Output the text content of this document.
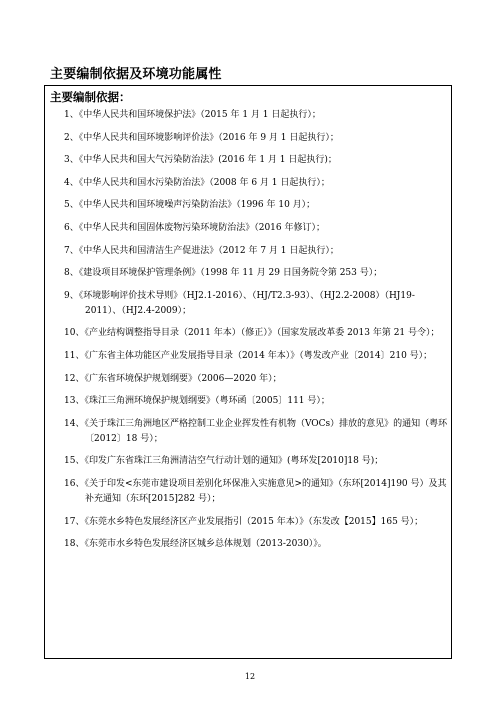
主要编制依据及环境功能属性
主要编制依据：
1、《中华人民共和国环境保护法》（2015 年 1 月 1 日起执行）；
2、《中华人民共和国环境影响评价法》（2016 年 9 月 1 日起执行）；
3、《中华人民共和国大气污染防治法》(2016 年 1 月 1 日起执行)；
4、《中华人民共和国水污染防治法》（2008 年 6 月 1 日起执行）；
5、《中华人民共和国环境噪声污染防治法》（1996 年 10 月）；
6、《中华人民共和国固体废物污染环境防治法》（2016 年修订）；
7、《中华人民共和国清洁生产促进法》（2012 年 7 月 1 日起执行）；
8、《建设项目环境保护管理条例》（1998 年 11 月 29 日国务院令第 253 号）；
9、《环境影响评价技术导则》（HJ2.1-2016）、（HJ/T2.3-93）、（HJ2.2-2008）（HJ19-2011）、（HJ2.4-2009）；
10、《产业结构调整指导目录（2011 年本）（修正）》（国家发展改革委 2013 年第 21 号令）；
11、《广东省主体功能区产业发展指导目录（2014 年本）》（粤发改产业〔2014〕210 号）；
12、《广东省环境保护规划纲要》（2006—2020 年）；
13、《珠江三角洲环境保护规划纲要》（粤环函〔2005〕111 号）；
14、《关于珠江三角洲地区严格控制工业企业挥发性有机物（VOCs）排放的意见》的通知（粤环〔2012〕18 号）；
15、《印发广东省珠江三角洲清洁空气行动计划的通知》(粤环发[2010]18 号)；
16、《关于印发<东莞市建设项目差别化环保准入实施意见>的通知》（东环[2014]190 号）及其补充通知（东环[2015]282 号）；
17、《东莞水乡特色发展经济区产业发展指引（2015 年本）》（东发改【2015】165 号）；
18、《东莞市水乡特色发展经济区城乡总体规划（2013-2030）》。
12
